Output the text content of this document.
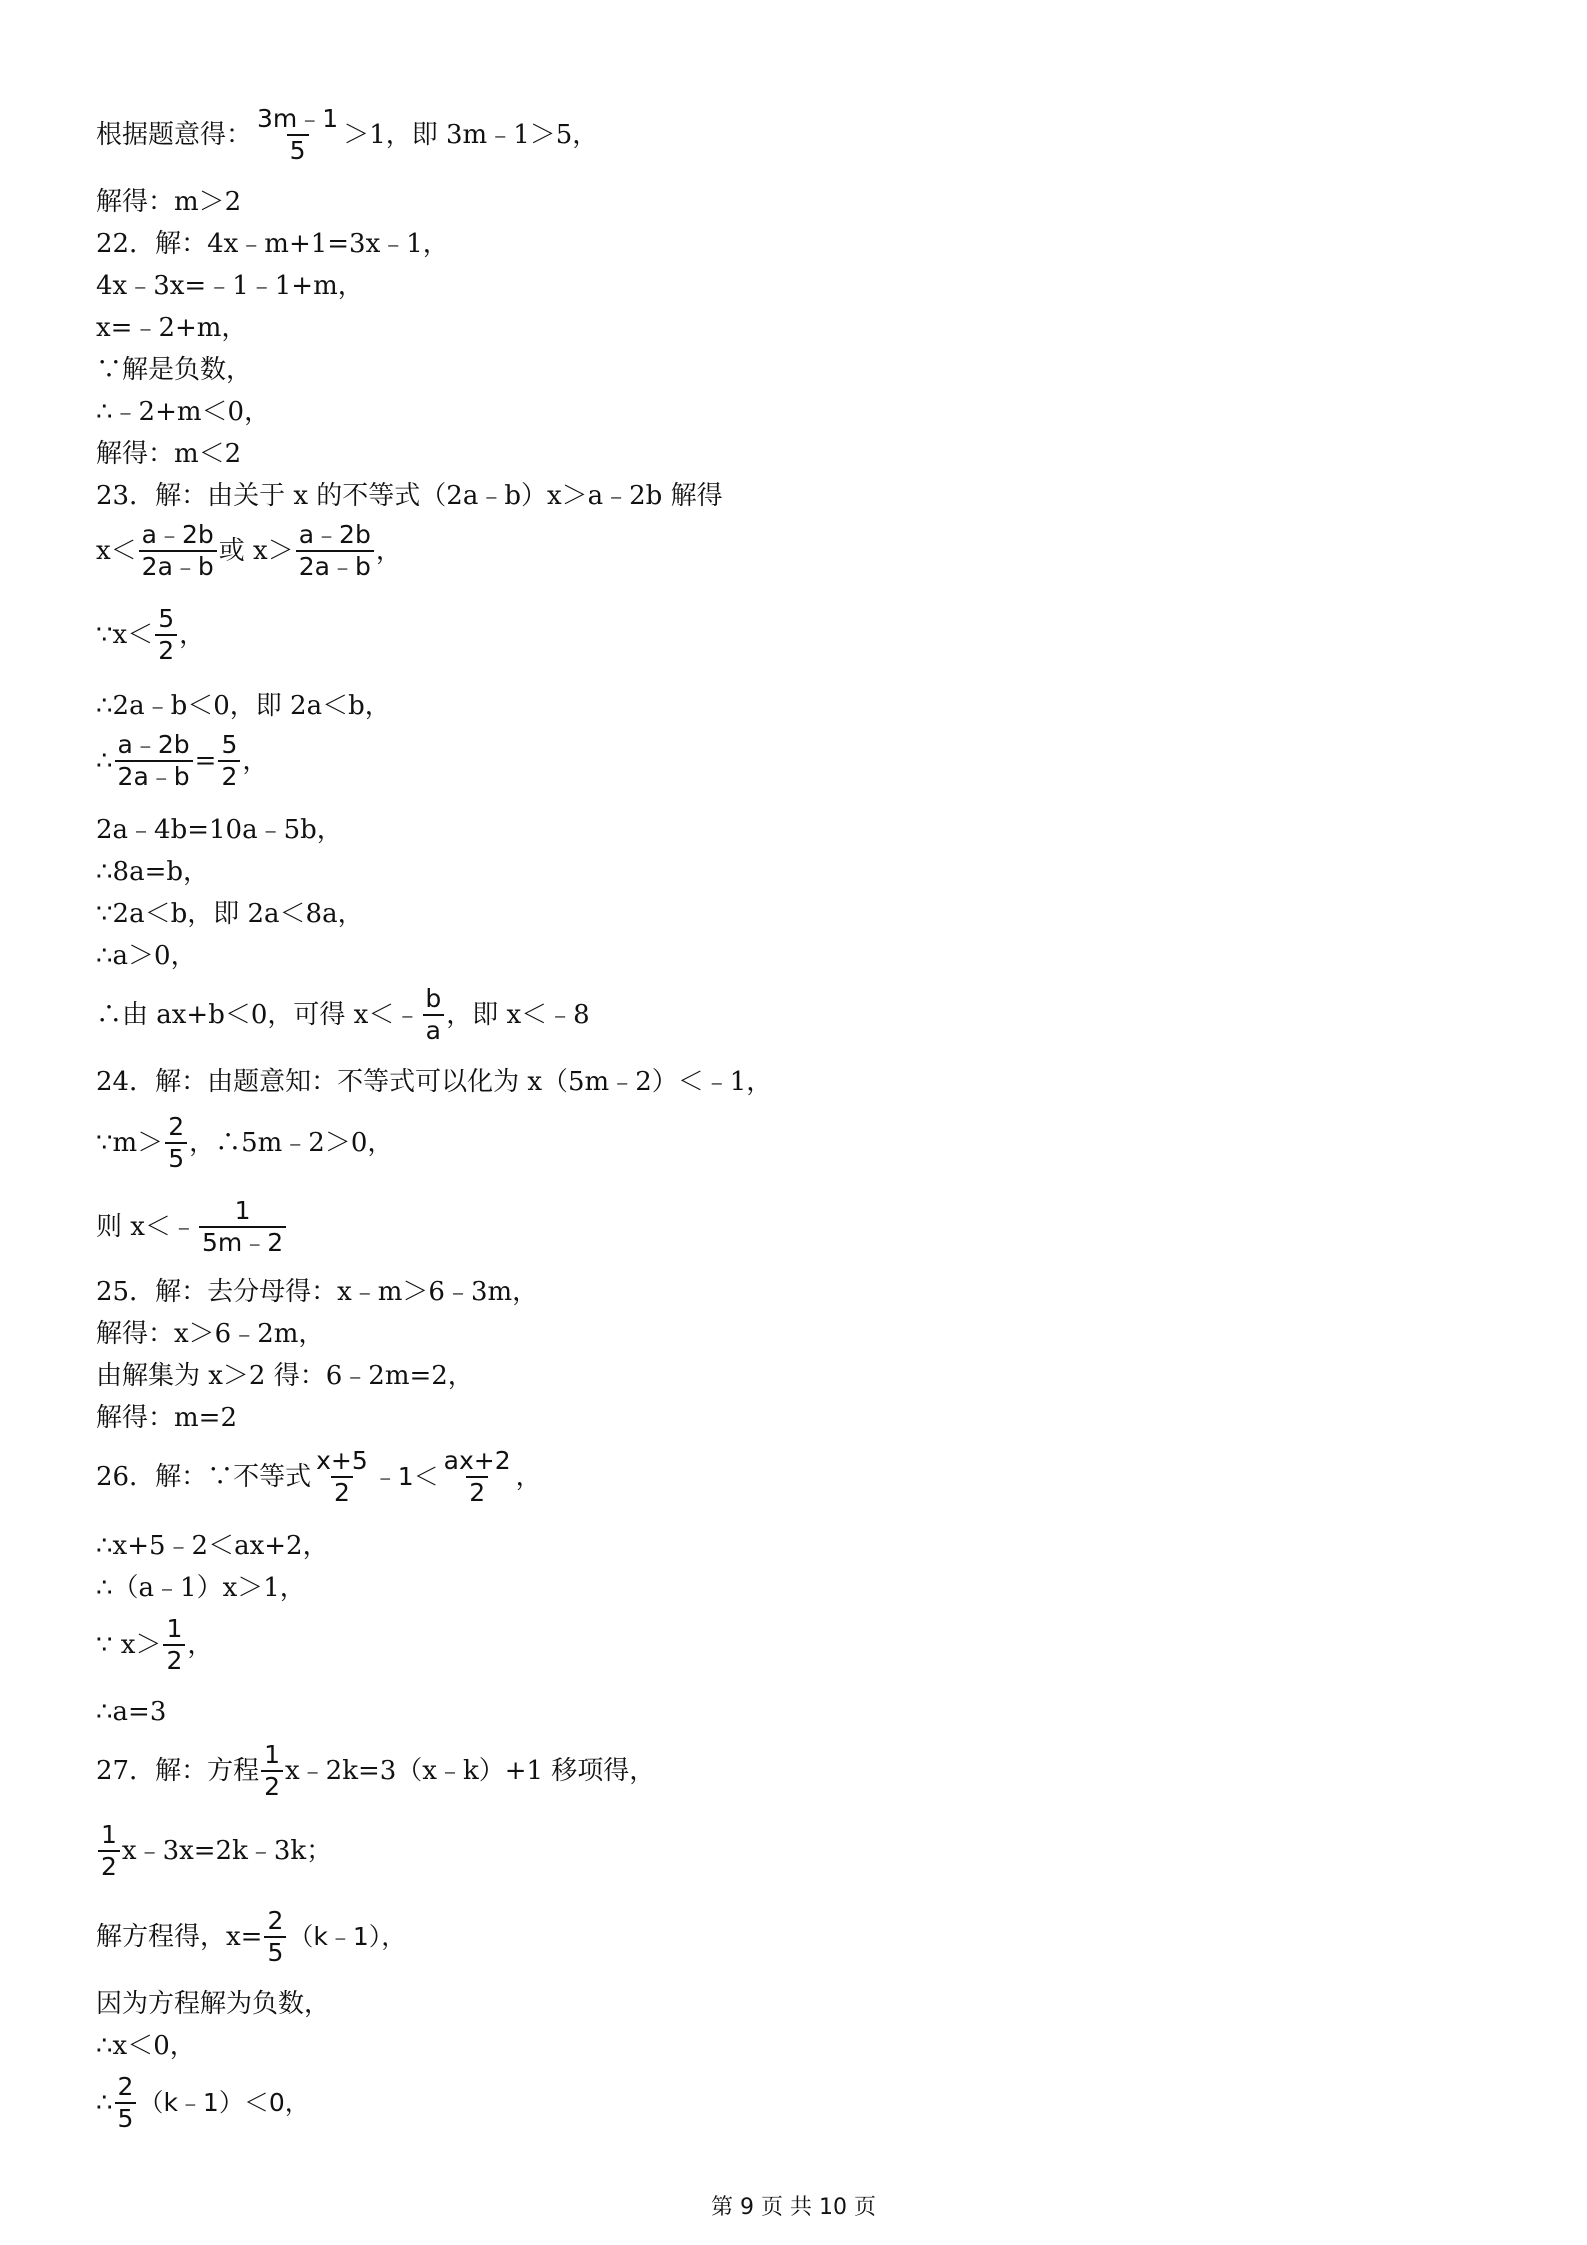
根据题意得： $\frac{3m﹣1}{5} >1$，即 3m﹣1＞5，
解得：m＞2
22．解：4x﹣m+1=3x﹣1，
4x﹣3x=﹣1﹣1+m，
x=﹣2+m，
∵解是负数，
∴﹣2+m＜0，
解得：m＜2
23．解：由关于 x 的不等式（2a﹣b）x＞a﹣2b 解得
$x< \frac{a﹣2b}{2a﹣b}$ 或 $x> \frac{a﹣2b}{2a﹣b}$ ，
∵x＜ $\frac{5}{2}$ ，
∴2a﹣b＜0，即 2a＜b，
∴ $\frac{a﹣2b}{2a﹣b} = \frac{5}{2}$ ，
2a﹣4b=10a﹣5b，
∴8a=b，
∵2a＜b，即 2a＜8a，
∴a＞0，
∴由 ax+b＜0，可得 x＜﹣ $\frac{b}{a}$ ，即 x＜﹣8
24．解：由题意知：不等式可以化为 x（5m﹣2）＜﹣1，
∵m＞ $\frac{2}{5}$ ，∴5m﹣2＞0，
则 x＜﹣ $\frac{1}{5m﹣2}$
25．解：去分母得：x﹣m＞6﹣3m，
解得：x＞6﹣2m，
由解集为 x＞2 得：6﹣2m=2，
解得：m=2
26．解：∵不等式 $\frac{x+5}{2}$ ﹣1＜ $\frac{ax+2}{2}$ ，
∴x+5﹣2＜ax+2，
∴（a﹣1）x＞1，
∵ $x> \frac{1}{2}$ ，
∴a=3
27．解：方程 $\frac{1}{2}$ x﹣2k=3（x﹣k）+1 移项得，
$\frac{1}{2}$ x﹣3x=2k﹣3k；
解方程得，$x= \frac{2}{5}$ （k﹣1），
因为方程解为负数，
∴x＜0，
∴ $\frac{2}{5}$ （k﹣1）＜0，
第 9 页 共 10 页
